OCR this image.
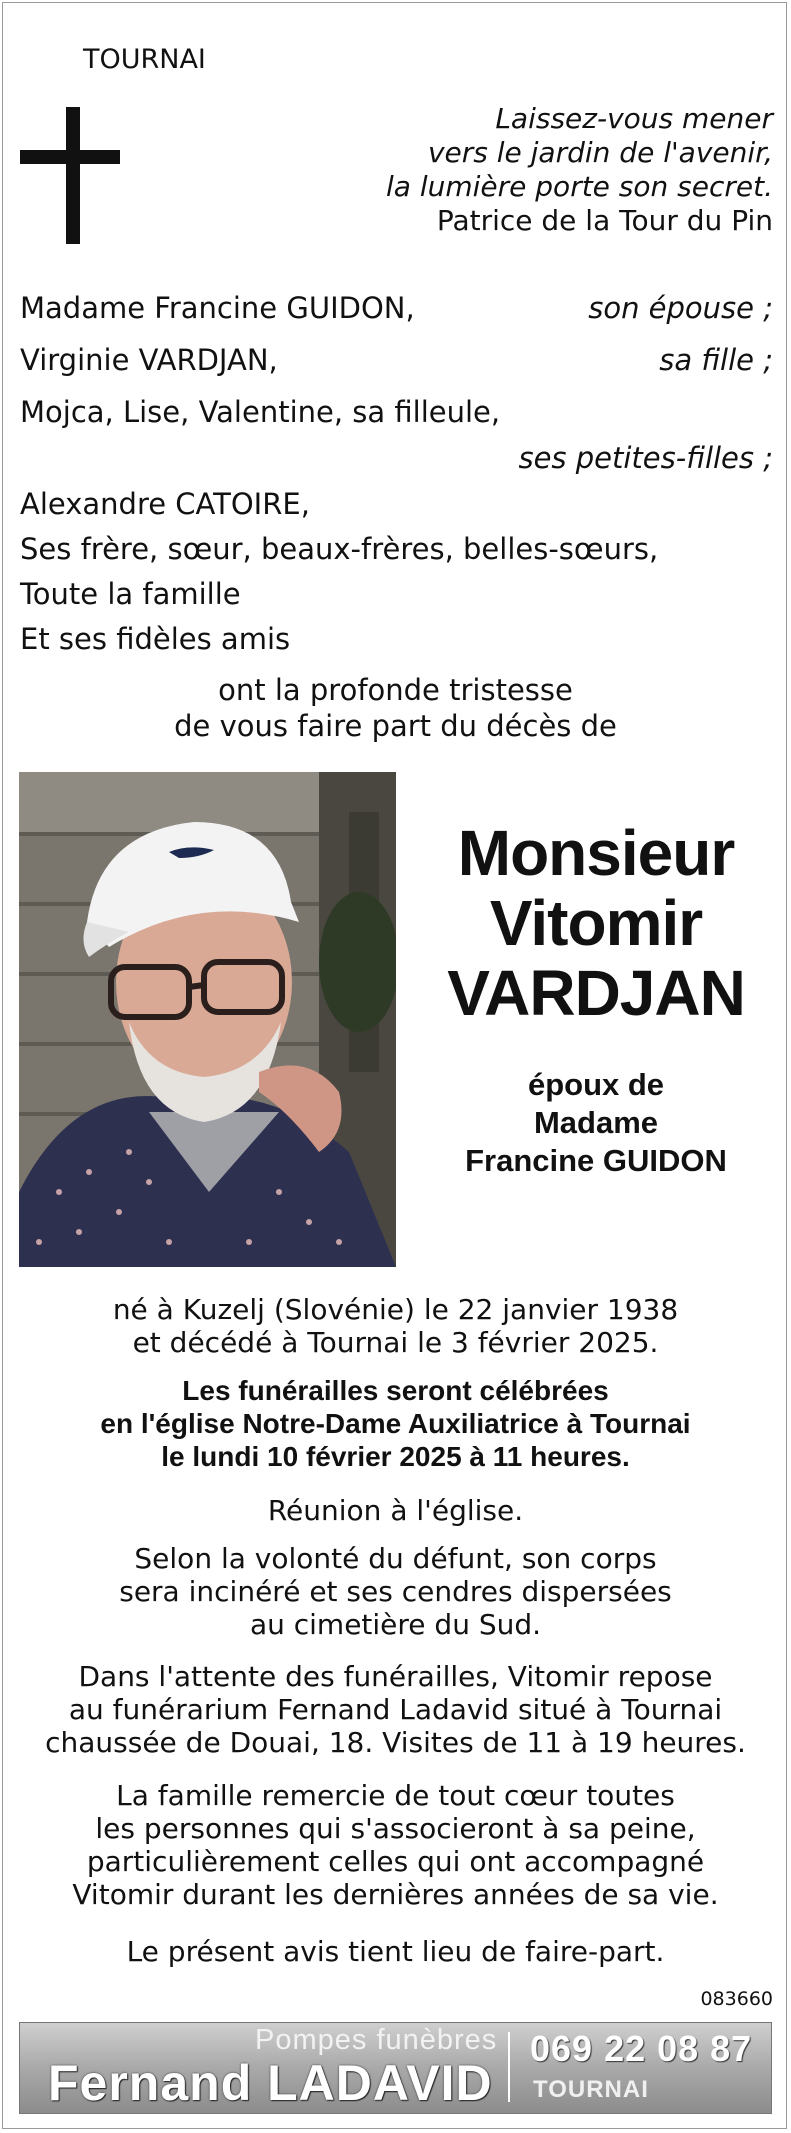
TOURNAI
Laissez-vous mener
vers le jardin de l'avenir,
la lumière porte son secret.
Patrice de la Tour du Pin
Madame Francine GUIDON,	son épouse ;
Virginie VARDJAN,	sa fille ;
Mojca, Lise, Valentine, sa filleule,
ses petites-filles ;
Alexandre CATOIRE,
Ses frère, sœur, beaux-frères, belles-sœurs,
Toute la famille
Et ses fidèles amis
ont la profonde tristesse
de vous faire part du décès de
Monsieur
Vitomir
VARDJAN
époux de
Madame
Francine GUIDON
né à Kuzelj (Slovénie) le 22 janvier 1938
et décédé à Tournai le 3 février 2025.
Les funérailles seront célébrées
en l'église Notre-Dame Auxiliatrice à Tournai
le lundi 10 février 2025 à 11 heures.
Réunion à l'église.
Selon la volonté du défunt, son corps
sera incinéré et ses cendres dispersées
au cimetière du Sud.
Dans l'attente des funérailles, Vitomir repose
au funérarium Fernand Ladavid situé à Tournai
chaussée de Douai, 18. Visites de 11 à 19 heures.
La famille remercie de tout cœur toutes
les personnes qui s'associeront à sa peine,
particulièrement celles qui ont accompagné
Vitomir durant les dernières années de sa vie.
Le présent avis tient lieu de faire-part.
083660
Pompes funèbres
Fernand LADAVID
069 22 08 87
TOURNAI
